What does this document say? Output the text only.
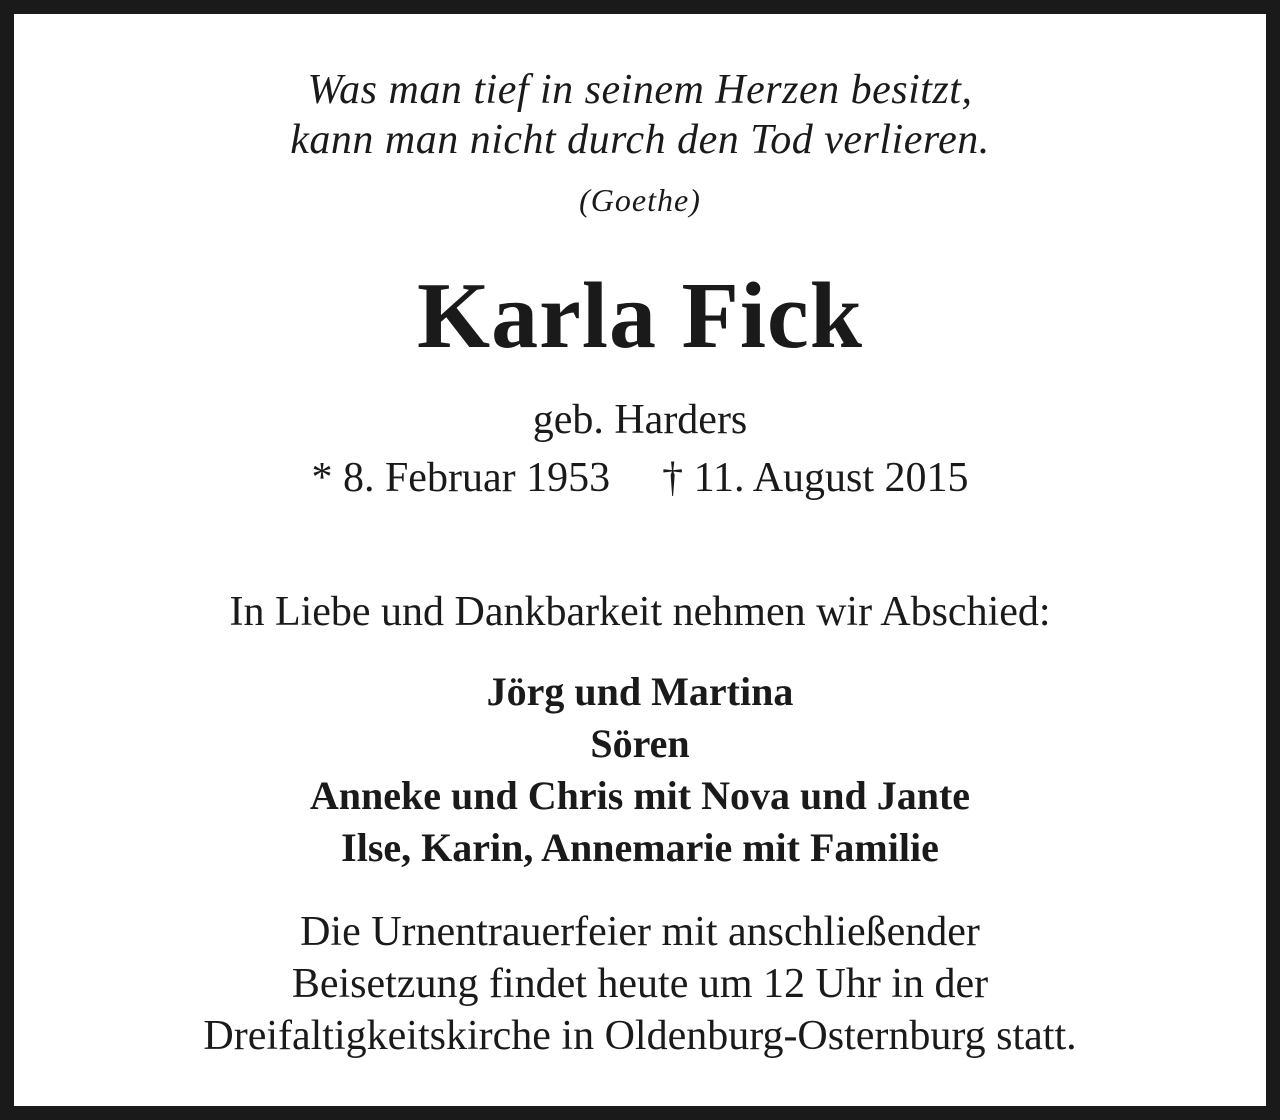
Was man tief in seinem Herzen besitzt,
kann man nicht durch den Tod verlieren.
(Goethe)
Karla Fick
geb. Harders
* 8. Februar 1953 † 11. August 2015
In Liebe und Dankbarkeit nehmen wir Abschied:
Jörg und Martina
Sören
Anneke und Chris mit Nova und Jante
Ilse, Karin, Annemarie mit Familie
Die Urnentrauerfeier mit anschließender
Beisetzung findet heute um 12 Uhr in der
Dreifaltigkeitskirche in Oldenburg-Osternburg statt.
